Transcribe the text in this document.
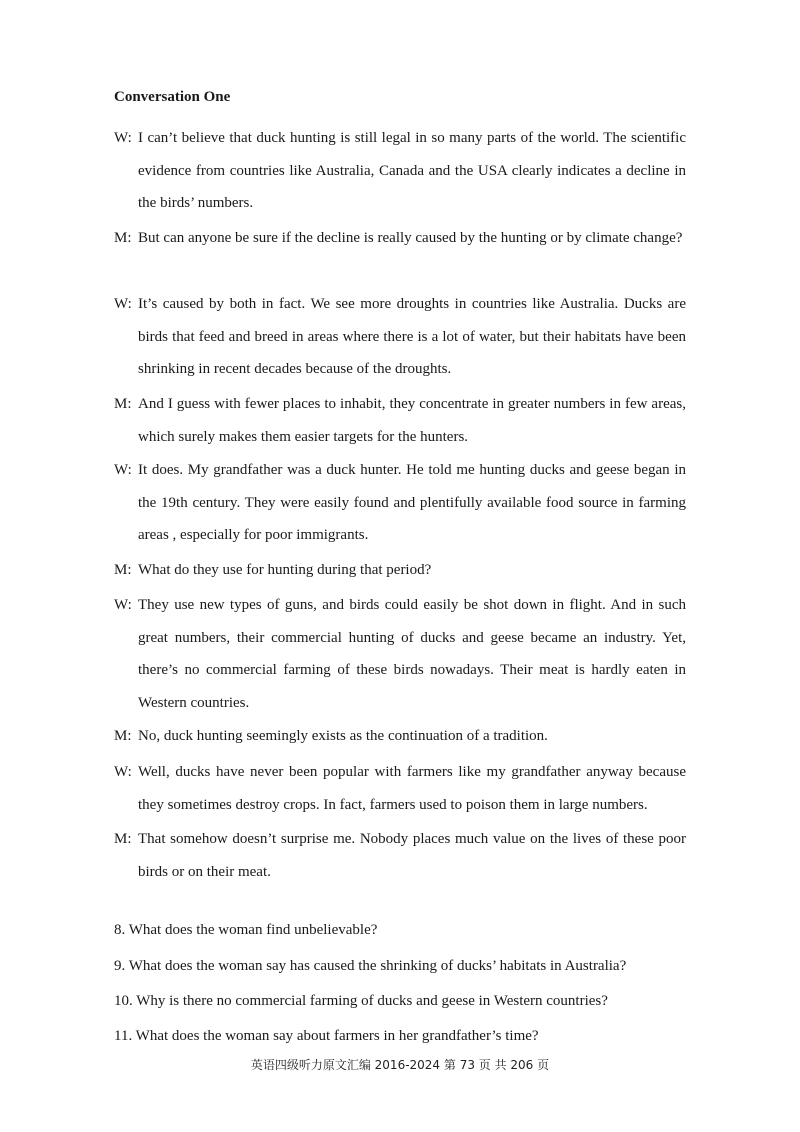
Conversation One
W: I can’t believe that duck hunting is still legal in so many parts of the world. The scientific evidence from countries like Australia, Canada and the USA clearly indicates a decline in the birds’ numbers.
M: But can anyone be sure if the decline is really caused by the hunting or by climate change?
W: It’s caused by both in fact. We see more droughts in countries like Australia. Ducks are birds that feed and breed in areas where there is a lot of water, but their habitats have been shrinking in recent decades because of the droughts.
M: And I guess with fewer places to inhabit, they concentrate in greater numbers in few areas, which surely makes them easier targets for the hunters.
W: It does. My grandfather was a duck hunter. He told me hunting ducks and geese began in the 19th century. They were easily found and plentifully available food source in farming areas , especially for poor immigrants.
M: What do they use for hunting during that period?
W: They use new types of guns, and birds could easily be shot down in flight. And in such great numbers, their commercial hunting of ducks and geese became an industry. Yet, there’s no commercial farming of these birds nowadays. Their meat is hardly eaten in Western countries.
M: No, duck hunting seemingly exists as the continuation of a tradition.
W: Well, ducks have never been popular with farmers like my grandfather anyway because they sometimes destroy crops. In fact, farmers used to poison them in large numbers.
M: That somehow doesn’t surprise me. Nobody places much value on the lives of these poor birds or on their meat.
8. What does the woman find unbelievable?
9. What does the woman say has caused the shrinking of ducks’ habitats in Australia?
10. Why is there no commercial farming of ducks and geese in Western countries?
11. What does the woman say about farmers in her grandfather’s time?
英语四级听力原文汇编 2016-2024 第 73 页 共 206 页
